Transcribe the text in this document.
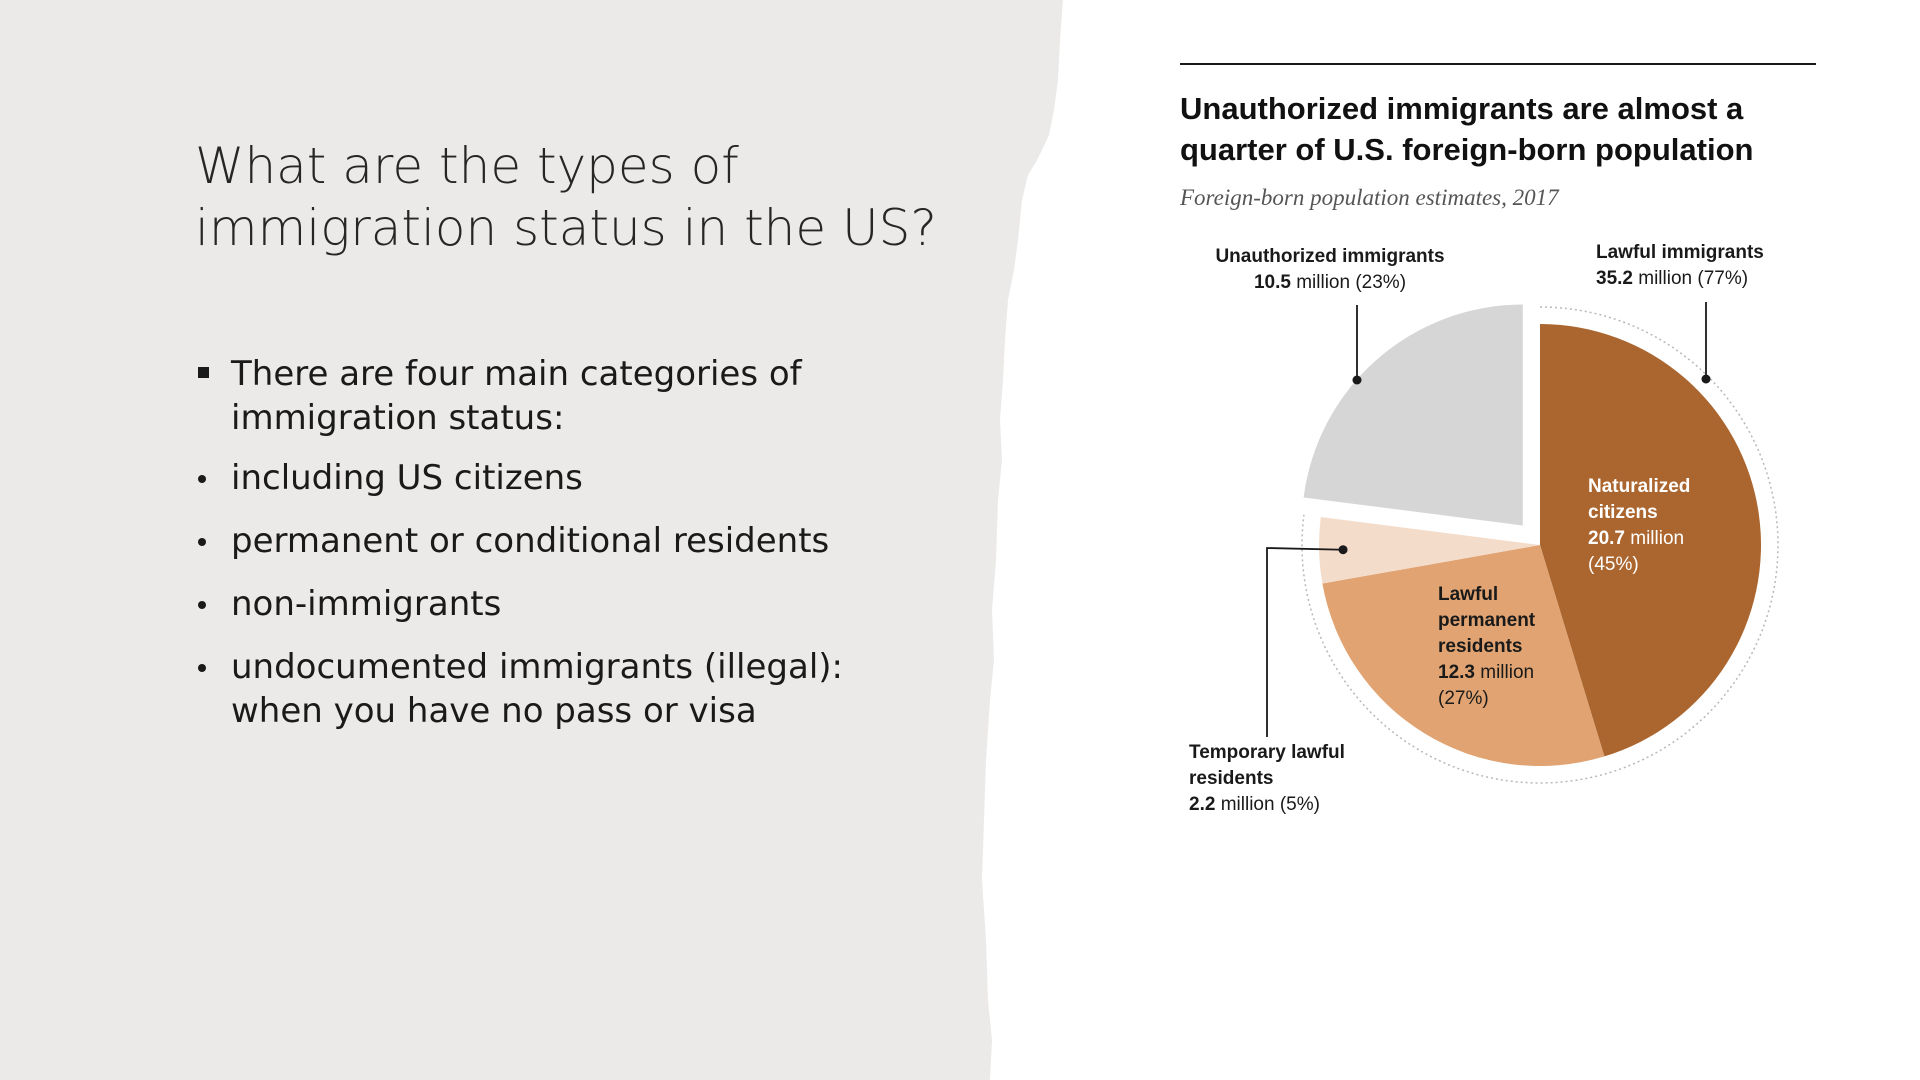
What are the types of
immigration status in the US?
There are four main categories of
immigration status:
including US citizens
permanent or conditional residents
non-immigrants
undocumented immigrants (illegal):
when you have no pass or visa
Unauthorized immigrants are almost a quarter of U.S. foreign-born population
Foreign-born population estimates, 2017
Naturalized citizens 20.7 million (45%)
Lawful permanent residents 12.3 million (27%)
Temporary lawful residents 2.2 million (5%)
Unauthorized immigrants 10.5 million (23%)
Lawful immigrants 35.2 million (77%)
